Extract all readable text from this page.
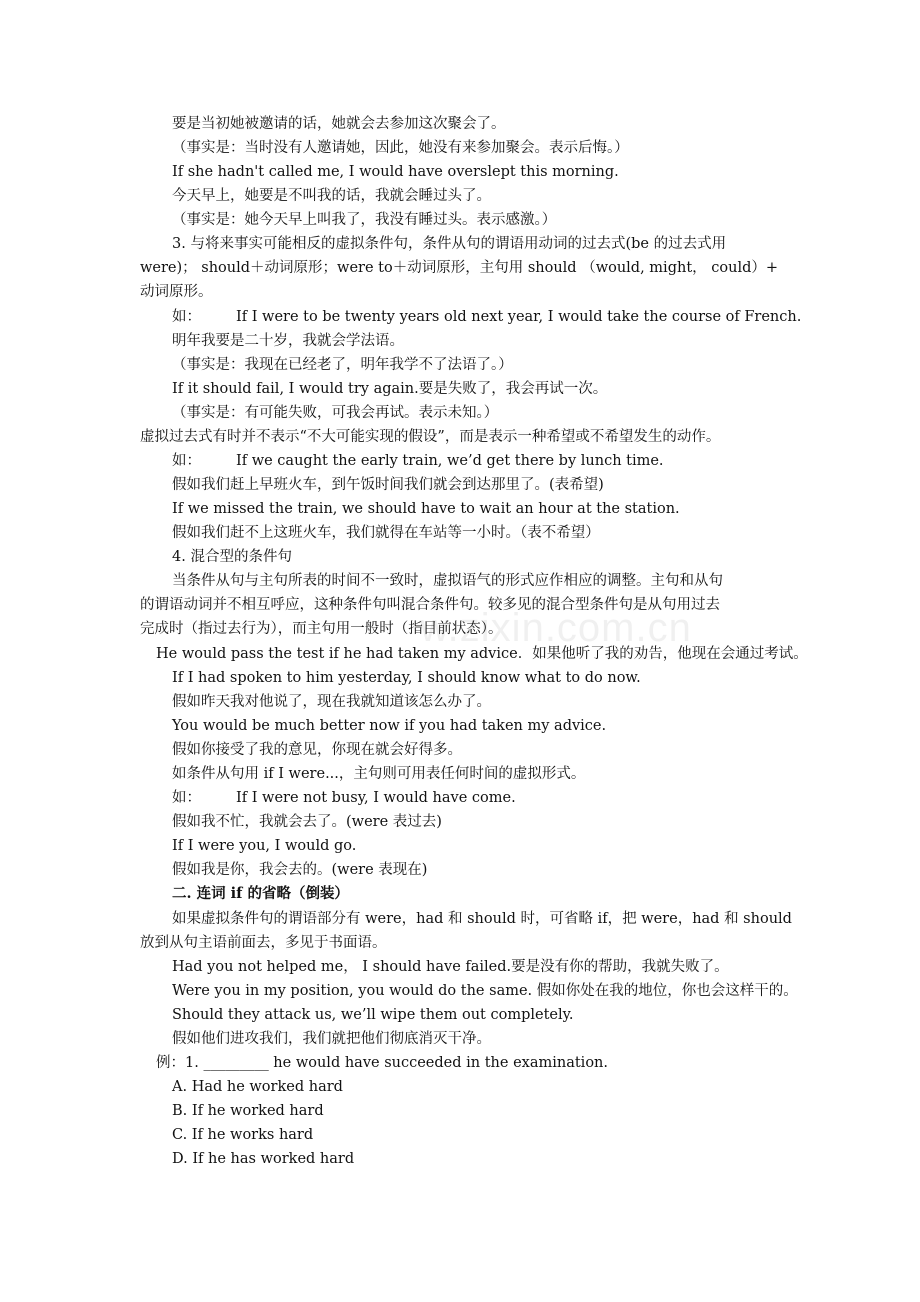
w.zixin.com.cn
要是当初她被邀请的话，她就会去参加这次聚会了。
（事实是：当时没有人邀请她，因此，她没有来参加聚会。表示后悔。）
If she hadn't called me, I would have overslept this morning.
今天早上，她要是不叫我的话，我就会睡过头了。
（事实是：她今天早上叫我了，我没有睡过头。表示感激。）
3. 与将来事实可能相反的虚拟条件句，条件从句的谓语用动词的过去式(be 的过去式用
were)； should＋动词原形；were to＋动词原形，主句用 should （would, might， could）+
动词原形。
如： If I were to be twenty years old next year, I would take the course of French.
明年我要是二十岁，我就会学法语。
（事实是：我现在已经老了，明年我学不了法语了。）
If it should fail, I would try again.要是失败了，我会再试一次。
（事实是：有可能失败，可我会再试。表示未知。）
虚拟过去式有时并不表示“不大可能实现的假设”，而是表示一种希望或不希望发生的动作。
如： If we caught the early train, we’d get there by lunch time.
假如我们赶上早班火车，到午饭时间我们就会到达那里了。(表希望)
If we missed the train, we should have to wait an hour at the station.
假如我们赶不上这班火车，我们就得在车站等一小时。（表不希望）
4. 混合型的条件句
当条件从句与主句所表的时间不一致时，虚拟语气的形式应作相应的调整。主句和从句
的谓语动词并不相互呼应，这种条件句叫混合条件句。较多见的混合型条件句是从句用过去
完成时（指过去行为），而主句用一般时（指目前状态）。
He would pass the test if he had taken my advice．如果他听了我的劝告，他现在会通过考试。
If I had spoken to him yesterday, I should know what to do now.
假如昨天我对他说了，现在我就知道该怎么办了。
You would be much better now if you had taken my advice.
假如你接受了我的意见，你现在就会好得多。
如条件从句用 if I were...，主句则可用表任何时间的虚拟形式。
如： If I were not busy, I would have come.
假如我不忙，我就会去了。(were 表过去)
If I were you, I would go.
假如我是你，我会去的。(were 表现在)
二. 连词 if 的省略（倒装）
如果虚拟条件句的谓语部分有 were，had 和 should 时，可省略 if，把 were，had 和 should
放到从句主语前面去，多见于书面语。
Had you not helped me， I should have failed.要是没有你的帮助，我就失败了。
Were you in my position, you would do the same. 假如你处在我的地位，你也会这样干的。
Should they attack us, we’ll wipe them out completely.
假如他们进攻我们，我们就把他们彻底消灭干净。
例：1. _________ he would have succeeded in the examination.
A. Had he worked hard
B. If he worked hard
C. If he works hard
D. If he has worked hard
